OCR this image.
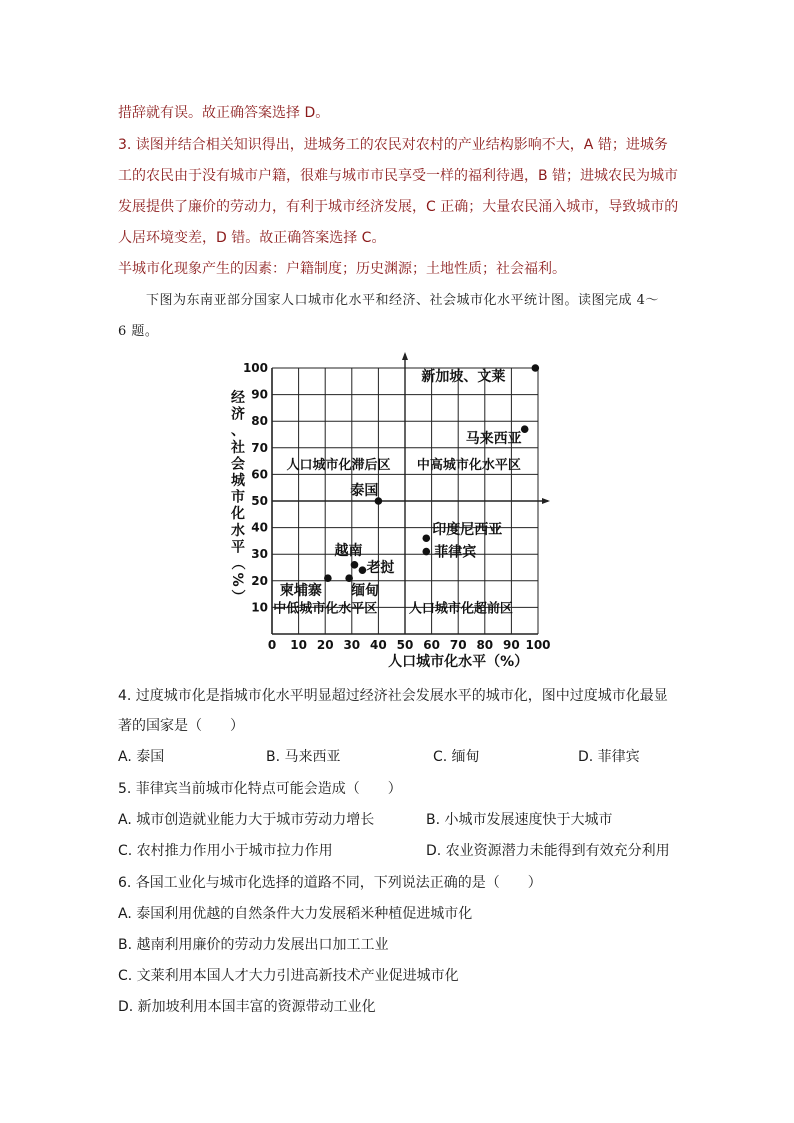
措辞就有误。故正确答案选择 D。
3. 读图并结合相关知识得出，进城务工的农民对农村的产业结构影响不大，A 错；进城务
工的农民由于没有城市户籍，很难与城市市民享受一样的福利待遇，B 错；进城农民为城市
发展提供了廉价的劳动力，有利于城市经济发展，C 正确；大量农民涌入城市，导致城市的
人居环境变差，D 错。故正确答案选择 C。
半城市化现象产生的因素：户籍制度；历史渊源；土地性质；社会福利。
下图为东南亚部分国家人口城市化水平和经济、社会城市化水平统计图。读图完成 4～
6 题。
0 10 20 30 40 50 60 70 80 90 100
10
20
30
40
50
60
70
80
90
100
人口城市化滞后区 中高城市化水平区
中低城市化水平区 人口城市化超前区
新加坡、文莱
马来西亚
泰国
印度尼西亚
菲律宾
越南
老挝
柬埔寨 缅甸
人口城市化水平（%）
经
济
、
社
会
城
市
化
水
平
（
%
）
4. 过度城市化是指城市化水平明显超过经济社会发展水平的城市化，图中过度城市化最显
著的国家是（　　）
A. 泰国	B. 马来西亚	C. 缅甸	D. 菲律宾
5. 菲律宾当前城市化特点可能会造成（　　）
A. 城市创造就业能力大于城市劳动力增长	B. 小城市发展速度快于大城市
C. 农村推力作用小于城市拉力作用	D. 农业资源潜力未能得到有效充分利用
6. 各国工业化与城市化选择的道路不同，下列说法正确的是（　　）
A. 泰国利用优越的自然条件大力发展稻米种植促进城市化
B. 越南利用廉价的劳动力发展出口加工工业
C. 文莱利用本国人才大力引进高新技术产业促进城市化
D. 新加坡利用本国丰富的资源带动工业化
